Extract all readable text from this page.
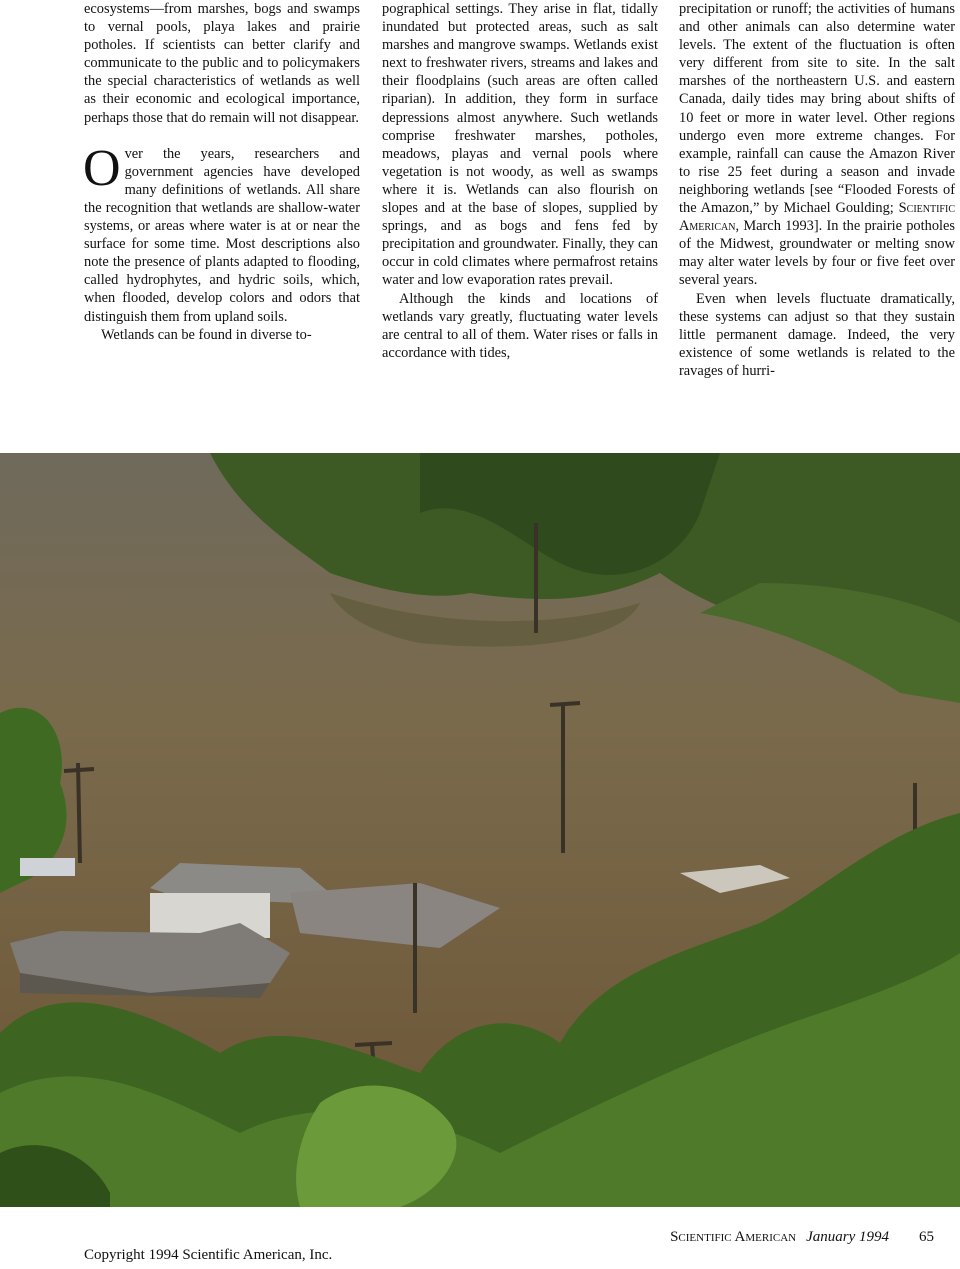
ecosystems—from marshes, bogs and swamps to vernal pools, playa lakes and prairie potholes. If scientists can better clarify and communicate to the public and to policymakers the special characteristics of wetlands as well as their economic and ecological importance, perhaps those that do remain will not disappear.

Over the years, researchers and government agencies have developed many definitions of wetlands. All share the recognition that wetlands are shallow-water systems, or areas where water is at or near the surface for some time. Most descriptions also note the presence of plants adapted to flooding, called hydrophytes, and hydric soils, which, when flooded, develop colors and odors that distinguish them from upland soils.

Wetlands can be found in diverse to-

pographical settings. They arise in flat, tidally inundated but protected areas, such as salt marshes and mangrove swamps. Wetlands exist next to freshwater rivers, streams and lakes and their floodplains (such areas are often called riparian). In addition, they form in surface depressions almost anywhere. Such wetlands comprise freshwater marshes, potholes, meadows, playas and vernal pools where vegetation is not woody, as well as swamps where it is. Wetlands can also flourish on slopes and at the base of slopes, supplied by springs, and as bogs and fens fed by precipitation and groundwater. Finally, they can occur in cold climates where permafrost retains water and low evaporation rates prevail.

Although the kinds and locations of wetlands vary greatly, fluctuating water levels are central to all of them. Water rises or falls in accordance with tides,

precipitation or runoff; the activities of humans and other animals can also determine water levels. The extent of the fluctuation is often very different from site to site. In the salt marshes of the northeastern U.S. and eastern Canada, daily tides may bring about shifts of 10 feet or more in water level. Other regions undergo even more extreme changes. For example, rainfall can cause the Amazon River to rise 25 feet during a season and invade neighboring wetlands [see “Flooded Forests of the Amazon,” by Michael Goulding; Scientific American, March 1993]. In the prairie potholes of the Midwest, groundwater or melting snow may alter water levels by four or five feet over several years.

Even when levels fluctuate dramatically, these systems can adjust so that they sustain little permanent damage. Indeed, the very existence of some wetlands is related to the ravages of hurri-

Copyright 1994 Scientific American, Inc.
Scientific American January 1994 65
